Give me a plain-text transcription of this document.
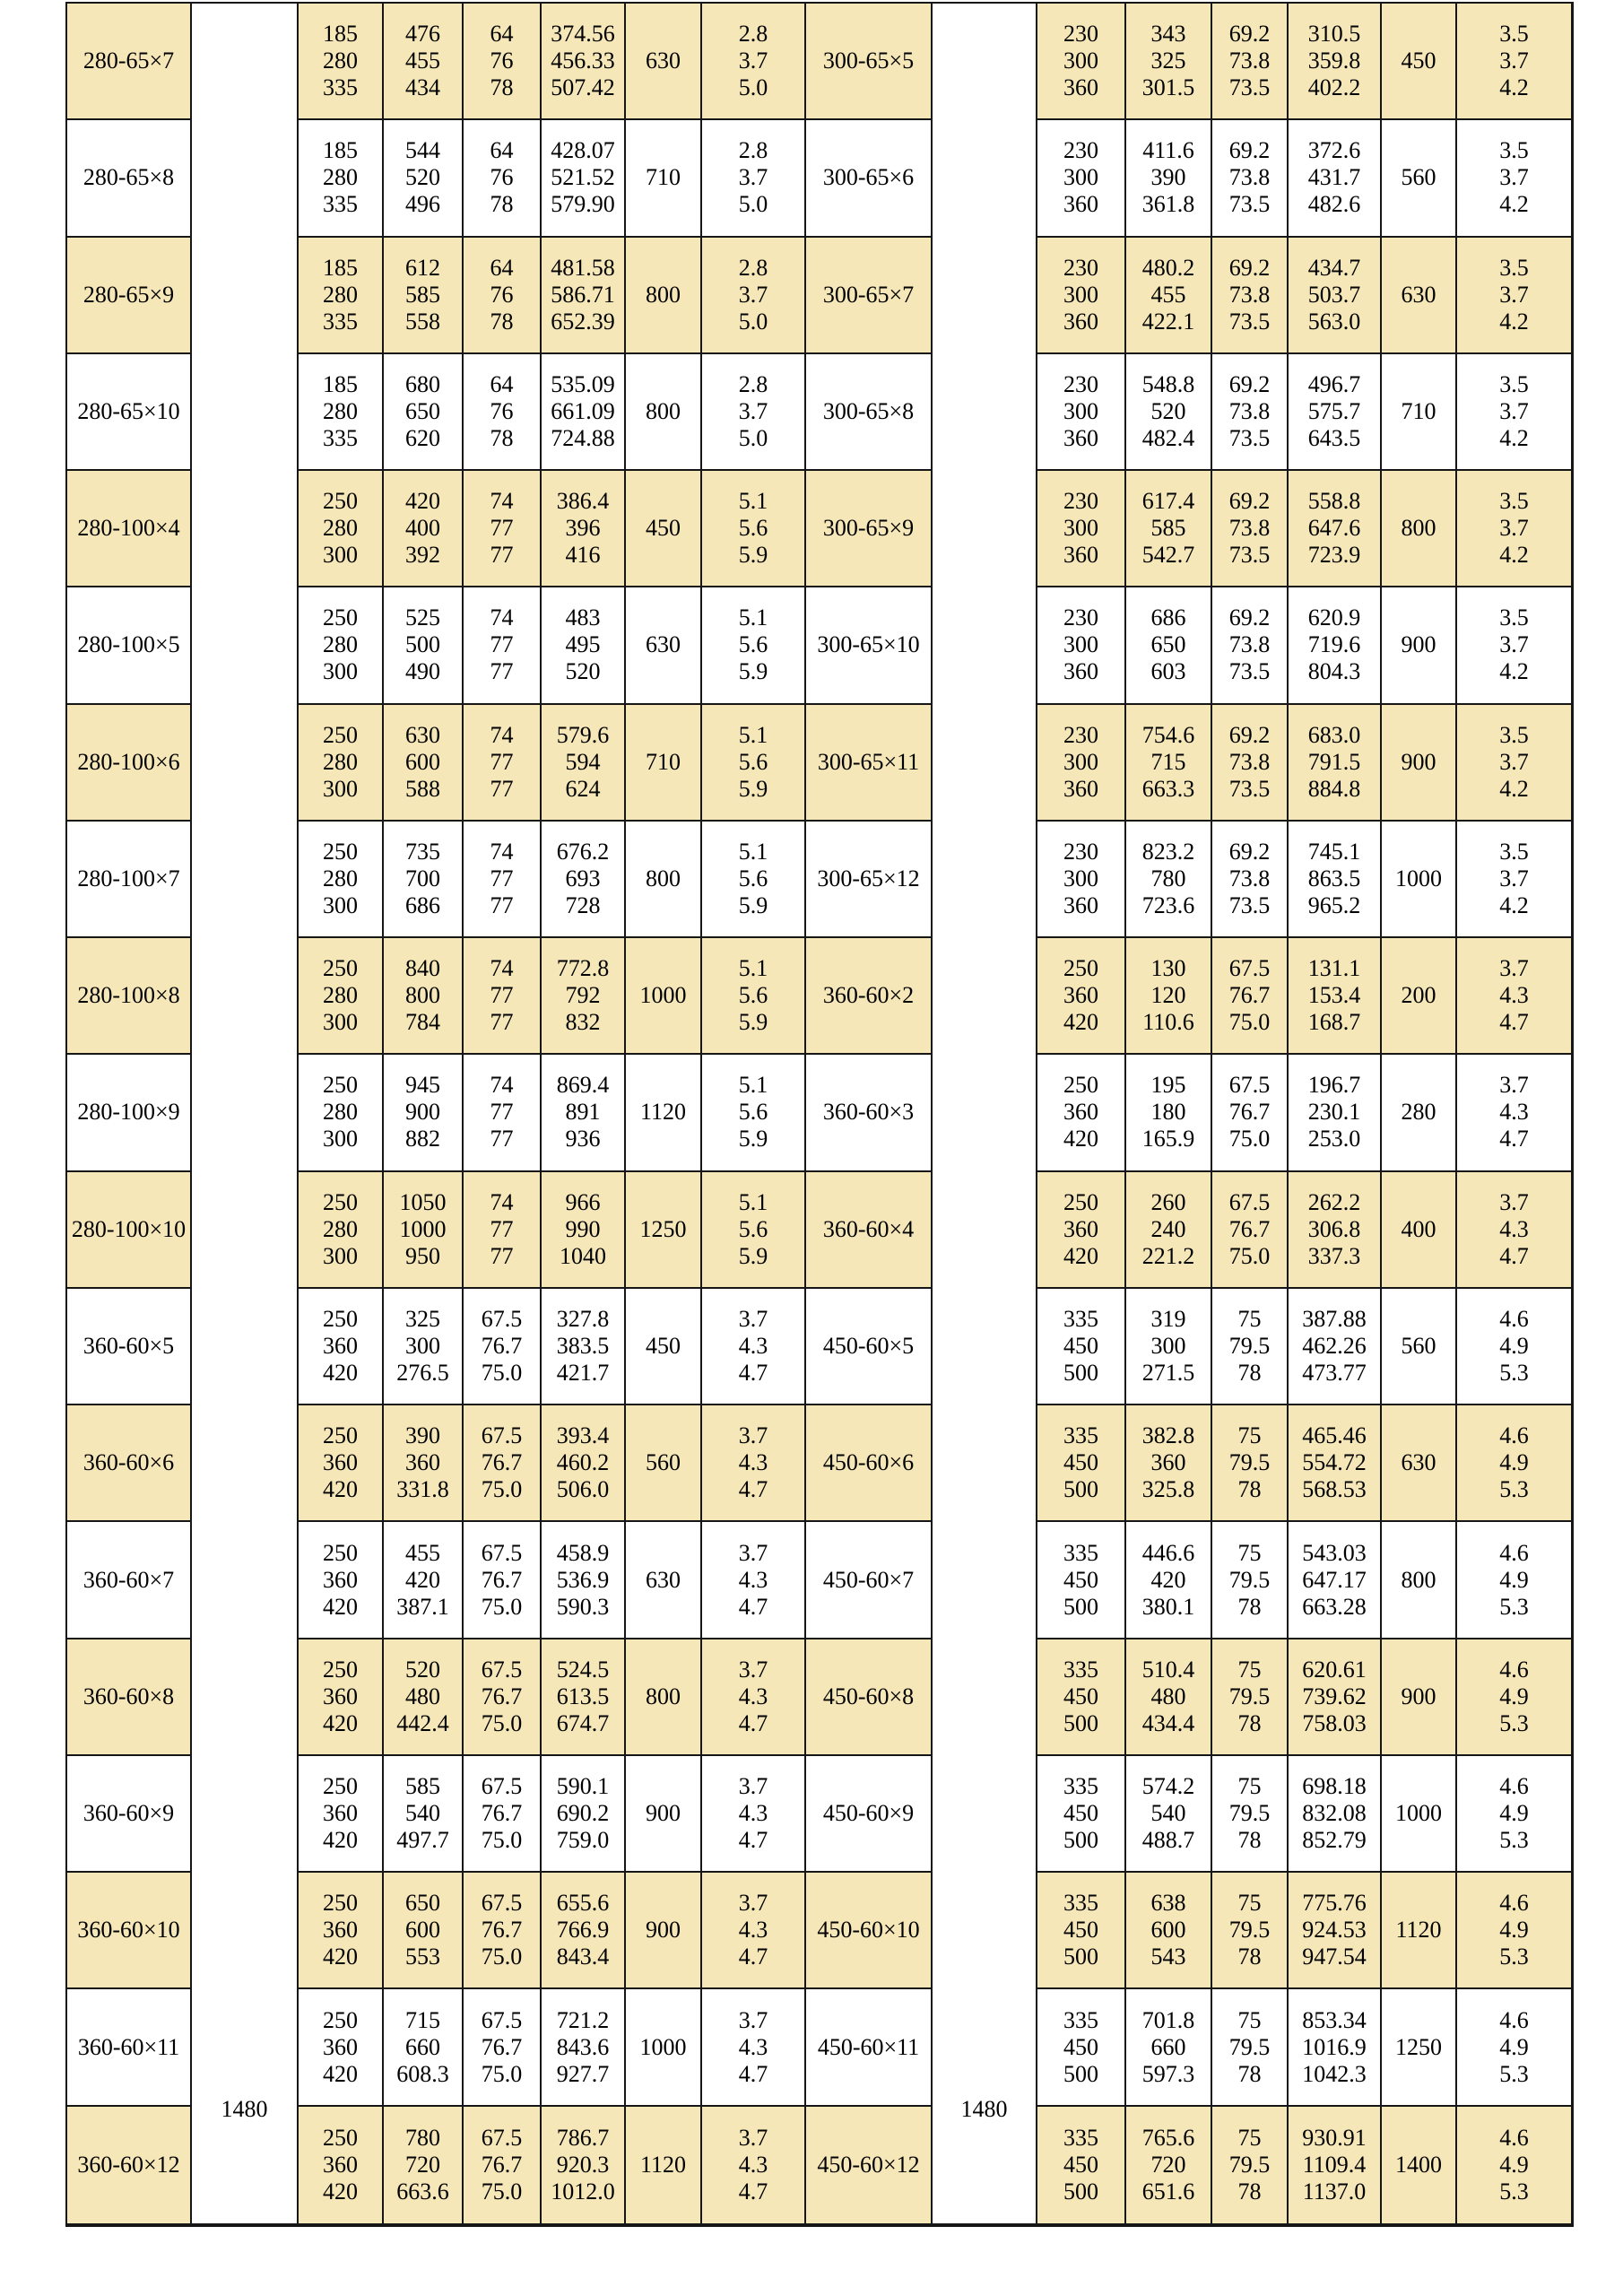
1480	1480
280-65×7
185
280
335
476
455
434
64
76
78
374.56
456.33
507.42
630
2.8
3.7
5.0
300-65×5
230
300
360
343
325
301.5
69.2
73.8
73.5
310.5
359.8
402.2
450
3.5
3.7
4.2
280-65×8
185
280
335
544
520
496
64
76
78
428.07
521.52
579.90
710
2.8
3.7
5.0
300-65×6
230
300
360
411.6
390
361.8
69.2
73.8
73.5
372.6
431.7
482.6
560
3.5
3.7
4.2
280-65×9
185
280
335
612
585
558
64
76
78
481.58
586.71
652.39
800
2.8
3.7
5.0
300-65×7
230
300
360
480.2
455
422.1
69.2
73.8
73.5
434.7
503.7
563.0
630
3.5
3.7
4.2
280-65×10
185
280
335
680
650
620
64
76
78
535.09
661.09
724.88
800
2.8
3.7
5.0
300-65×8
230
300
360
548.8
520
482.4
69.2
73.8
73.5
496.7
575.7
643.5
710
3.5
3.7
4.2
280-100×4
250
280
300
420
400
392
74
77
77
386.4
396
416
450
5.1
5.6
5.9
300-65×9
230
300
360
617.4
585
542.7
69.2
73.8
73.5
558.8
647.6
723.9
800
3.5
3.7
4.2
280-100×5
250
280
300
525
500
490
74
77
77
483
495
520
630
5.1
5.6
5.9
300-65×10
230
300
360
686
650
603
69.2
73.8
73.5
620.9
719.6
804.3
900
3.5
3.7
4.2
280-100×6
250
280
300
630
600
588
74
77
77
579.6
594
624
710
5.1
5.6
5.9
300-65×11
230
300
360
754.6
715
663.3
69.2
73.8
73.5
683.0
791.5
884.8
900
3.5
3.7
4.2
280-100×7
250
280
300
735
700
686
74
77
77
676.2
693
728
800
5.1
5.6
5.9
300-65×12
230
300
360
823.2
780
723.6
69.2
73.8
73.5
745.1
863.5
965.2
1000
3.5
3.7
4.2
280-100×8
250
280
300
840
800
784
74
77
77
772.8
792
832
1000
5.1
5.6
5.9
360-60×2
250
360
420
130
120
110.6
67.5
76.7
75.0
131.1
153.4
168.7
200
3.7
4.3
4.7
280-100×9
250
280
300
945
900
882
74
77
77
869.4
891
936
1120
5.1
5.6
5.9
360-60×3
250
360
420
195
180
165.9
67.5
76.7
75.0
196.7
230.1
253.0
280
3.7
4.3
4.7
280-100×10
250
280
300
1050
1000
950
74
77
77
966
990
1040
1250
5.1
5.6
5.9
360-60×4
250
360
420
260
240
221.2
67.5
76.7
75.0
262.2
306.8
337.3
400
3.7
4.3
4.7
360-60×5
250
360
420
325
300
276.5
67.5
76.7
75.0
327.8
383.5
421.7
450
3.7
4.3
4.7
450-60×5
335
450
500
319
300
271.5
75
79.5
78
387.88
462.26
473.77
560
4.6
4.9
5.3
360-60×6
250
360
420
390
360
331.8
67.5
76.7
75.0
393.4
460.2
506.0
560
3.7
4.3
4.7
450-60×6
335
450
500
382.8
360
325.8
75
79.5
78
465.46
554.72
568.53
630
4.6
4.9
5.3
360-60×7
250
360
420
455
420
387.1
67.5
76.7
75.0
458.9
536.9
590.3
630
3.7
4.3
4.7
450-60×7
335
450
500
446.6
420
380.1
75
79.5
78
543.03
647.17
663.28
800
4.6
4.9
5.3
360-60×8
250
360
420
520
480
442.4
67.5
76.7
75.0
524.5
613.5
674.7
800
3.7
4.3
4.7
450-60×8
335
450
500
510.4
480
434.4
75
79.5
78
620.61
739.62
758.03
900
4.6
4.9
5.3
360-60×9
250
360
420
585
540
497.7
67.5
76.7
75.0
590.1
690.2
759.0
900
3.7
4.3
4.7
450-60×9
335
450
500
574.2
540
488.7
75
79.5
78
698.18
832.08
852.79
1000
4.6
4.9
5.3
360-60×10
250
360
420
650
600
553
67.5
76.7
75.0
655.6
766.9
843.4
900
3.7
4.3
4.7
450-60×10
335
450
500
638
600
543
75
79.5
78
775.76
924.53
947.54
1120
4.6
4.9
5.3
360-60×11
250
360
420
715
660
608.3
67.5
76.7
75.0
721.2
843.6
927.7
1000
3.7
4.3
4.7
450-60×11
335
450
500
701.8
660
597.3
75
79.5
78
853.34
1016.9
1042.3
1250
4.6
4.9
5.3
360-60×12
250
360
420
780
720
663.6
67.5
76.7
75.0
786.7
920.3
1012.0
1120
3.7
4.3
4.7
450-60×12
335
450
500
765.6
720
651.6
75
79.5
78
930.91
1109.4
1137.0
1400
4.6
4.9
5.3
